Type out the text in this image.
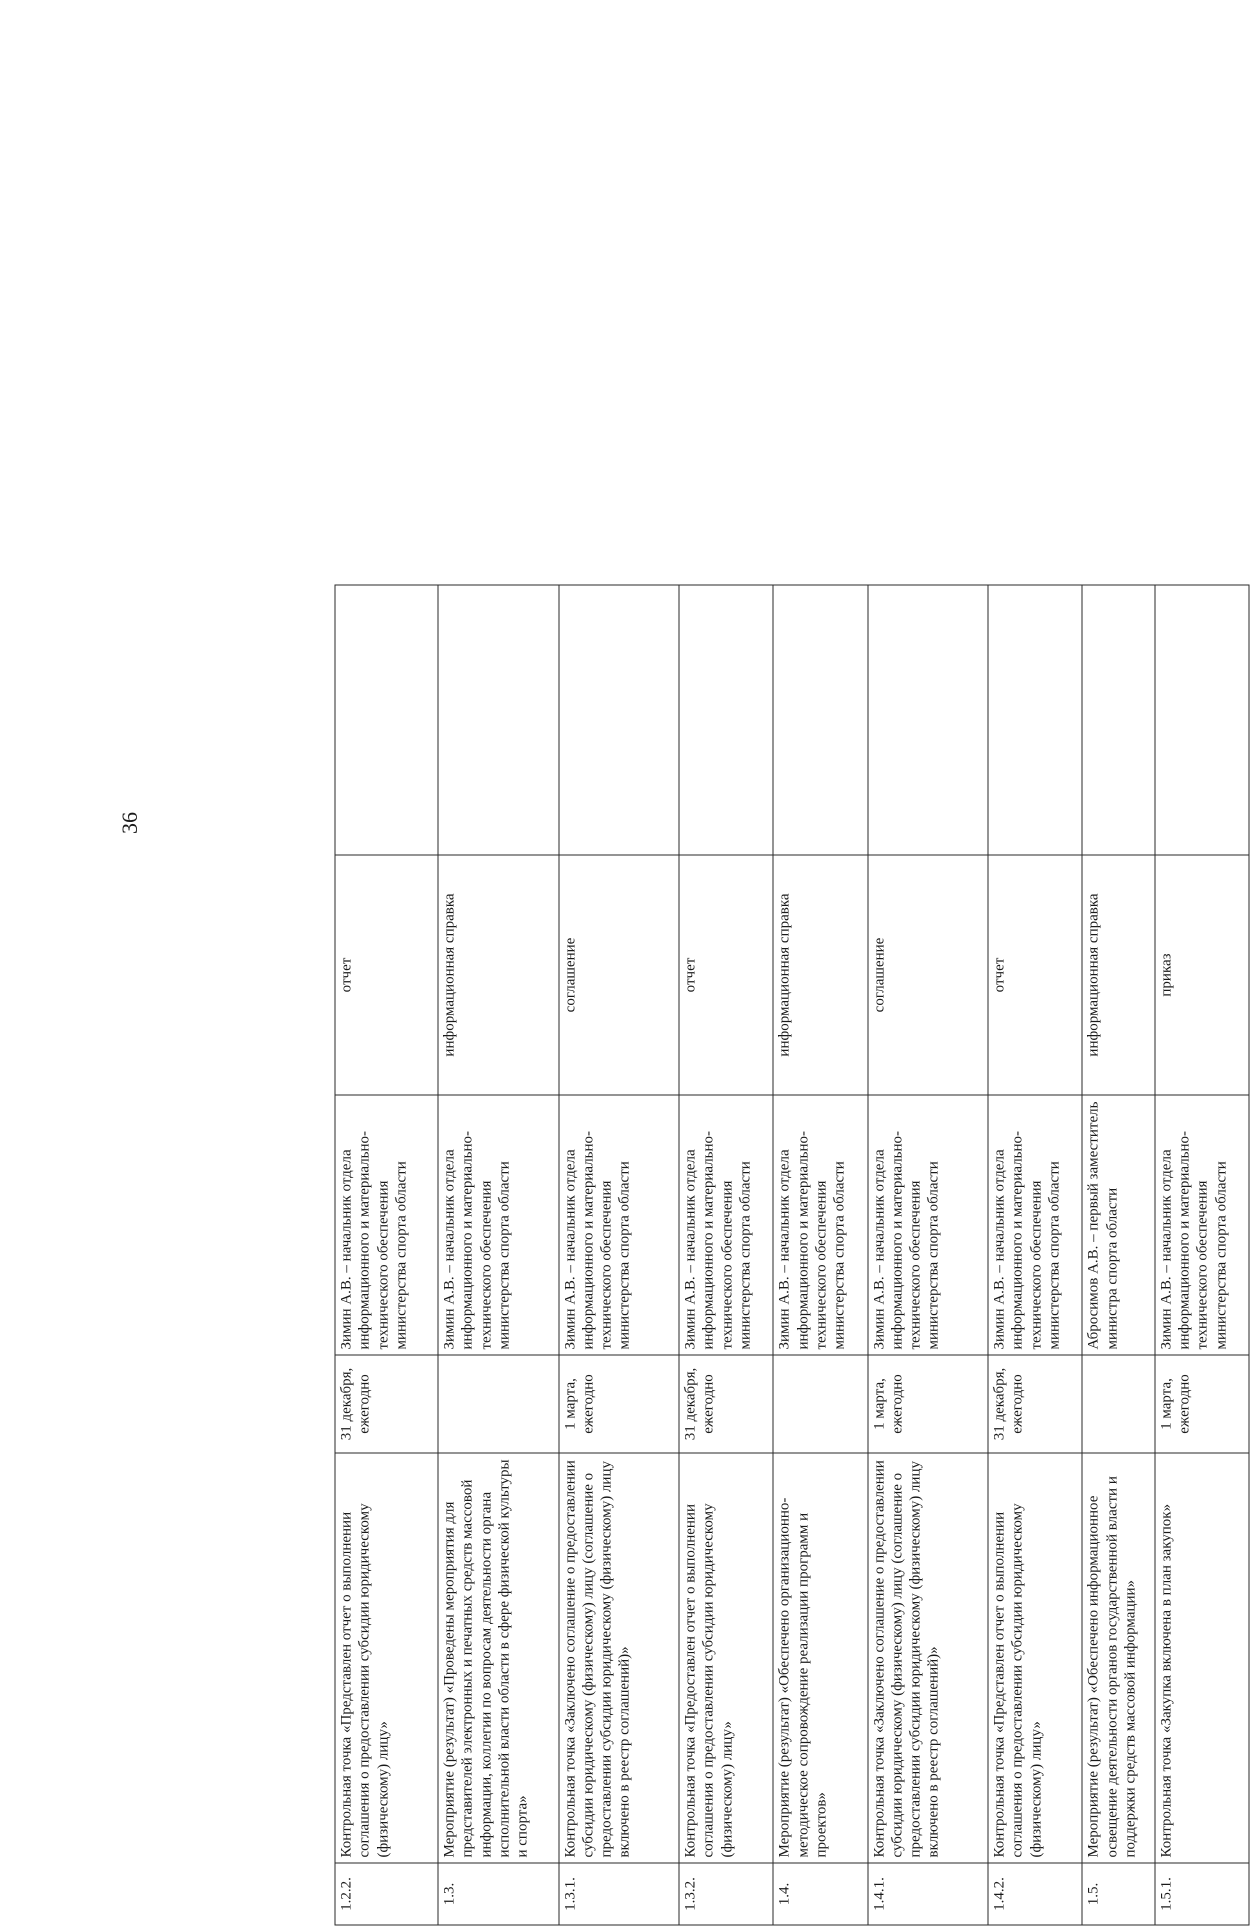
36
1.2.2.	Контрольная точка «Представлен отчет о выполнении соглашения о предоставлении субсидии юридическому (физическому) лицу»	31 декабря, ежегодно	Зимин А.В. – начальник отдела информационного и материально-технического обеспечения министерства спорта области	отчет	
1.3.	Мероприятие (результат) «Проведены мероприятия для представителей электронных и печатных средств массовой информации, коллегии по вопросам деятельности органа исполнительной власти области в сфере физической культуры и спорта»		Зимин А.В. – начальник отдела информационного и материально-технического обеспечения министерства спорта области	информационная справка	
1.3.1.	Контрольная точка «Заключено соглашение о предоставлении субсидии юридическому (физическому) лицу (соглашение о предоставлении субсидии юридическому (физическому) лицу включено в реестр соглашений)»	1 марта, ежегодно	Зимин А.В. – начальник отдела информационного и материально-технического обеспечения министерства спорта области	соглашение	
1.3.2.	Контрольная точка «Предоставлен отчет о выполнении соглашения о предоставлении субсидии юридическому (физическому) лицу»	31 декабря, ежегодно	Зимин А.В. – начальник отдела информационного и материально-технического обеспечения министерства спорта области	отчет	
1.4.	Мероприятие (результат) «Обеспечено организационно-методическое сопровождение реализации программ и проектов»		Зимин А.В. – начальник отдела информационного и материально-технического обеспечения министерства спорта области	информационная справка	
1.4.1.	Контрольная точка «Заключено соглашение о предоставлении субсидии юридическому (физическому) лицу (соглашение о предоставлении субсидии юридическому (физическому) лицу включено в реестр соглашений)»	1 марта, ежегодно	Зимин А.В. – начальник отдела информационного и материально-технического обеспечения министерства спорта области	соглашение	
1.4.2.	Контрольная точка «Представлен отчет о выполнении соглашения о предоставлении субсидии юридическому (физическому) лицу»	31 декабря, ежегодно	Зимин А.В. – начальник отдела информационного и материально-технического обеспечения министерства спорта области	отчет	
1.5.	Мероприятие (результат) «Обеспечено информационное освещение деятельности органов государственной власти и поддержки средств массовой информации»		Абросимов А.В. – первый заместитель министра спорта области	информационная справка	
1.5.1.	Контрольная точка «Закупка включена в план закупок»	1 марта, ежегодно	Зимин А.В. – начальник отдела информационного и материально-технического обеспечения министерства спорта области	приказ	
